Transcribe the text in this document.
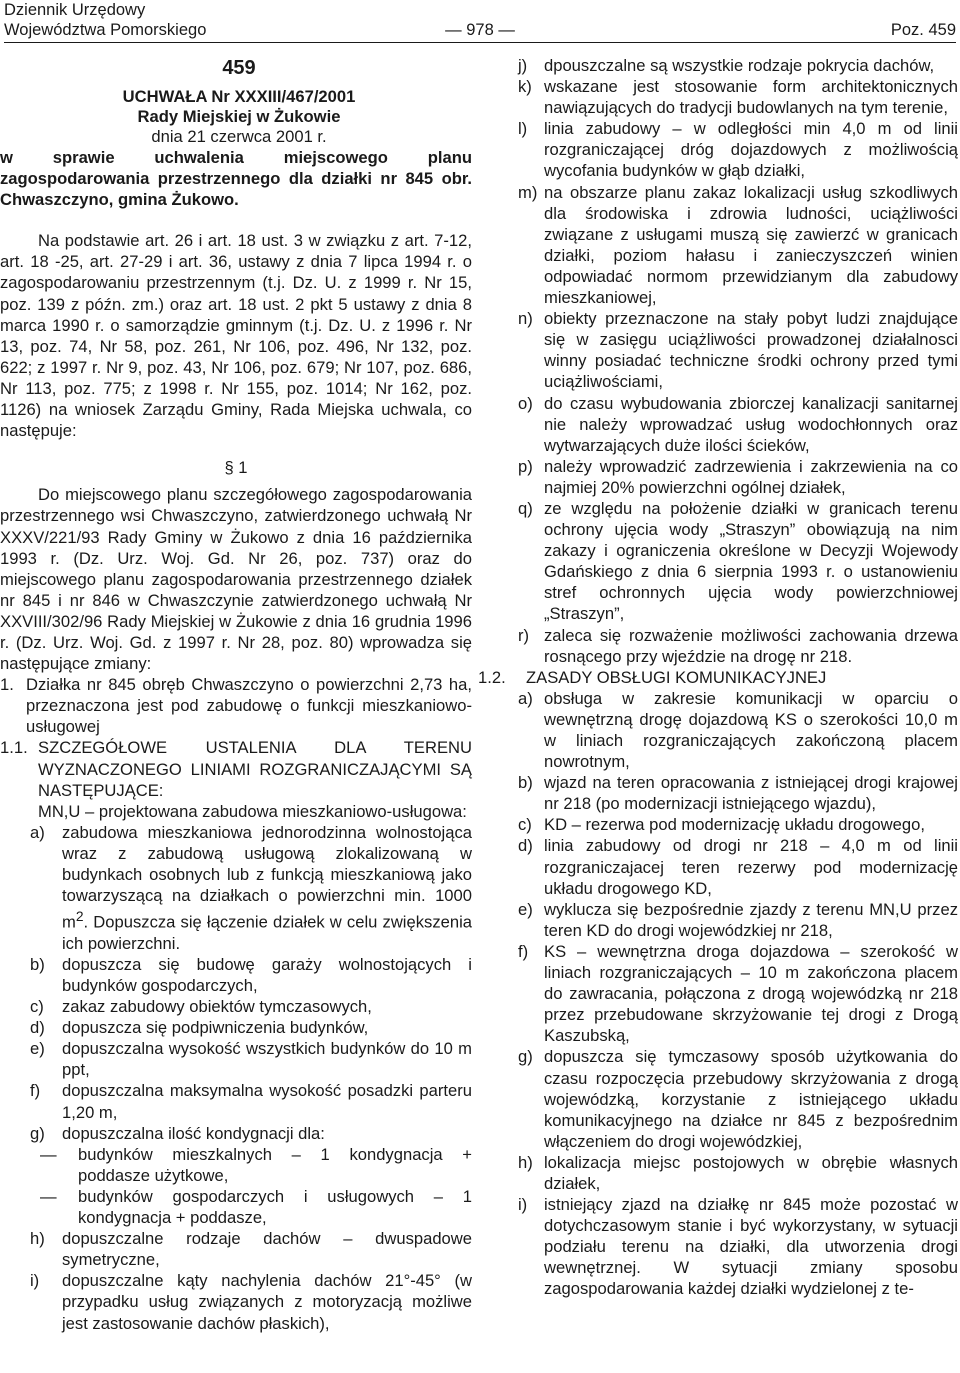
Dziennik Urzędowy
Województwa Pomorskiego	— 978 —	Poz. 459
459
UCHWAŁA Nr XXXIII/467/2001
Rady Miejskiej w Żukowie
dnia 21 czerwca 2001 r.

w sprawie uchwalenia miejscowego planu zagospodarowania przestrzennego dla działki nr 845 obr. Chwaszczyno, gmina Żukowo.

Na podstawie art. 26 i art. 18 ust. 3 w związku z art. 7-12, art. 18 -25, art. 27-29 i art. 36, ustawy z dnia 7 lipca 1994 r. o zagospodarowaniu przestrzennym (t.j. Dz. U. z 1999 r. Nr 15, poz. 139 z późn. zm.) oraz art. 18 ust. 2 pkt 5 ustawy z dnia 8 marca 1990 r. o samorządzie gminnym (t.j. Dz. U. z 1996 r. Nr 13, poz. 74, Nr 58, poz. 261, Nr 106, poz. 496, Nr 132, poz. 622; z 1997 r. Nr 9, poz. 43, Nr 106, poz. 679; Nr 107, poz. 686, Nr 113, poz. 775; z 1998 r. Nr 155, poz. 1014; Nr 162, poz. 1126) na wniosek Zarządu Gminy, Rada Miejska uchwala, co następuje:

§ 1

Do miejscowego planu szczegółowego zagospodarowania przestrzennego wsi Chwaszczyno, zatwierdzonego uchwałą Nr XXXV/221/93 Rady Gminy w Żukowo z dnia 16 października 1993 r. (Dz. Urz. Woj. Gd. Nr 26, poz. 737) oraz do miejscowego planu zagospodarowania przestrzennego działek nr 845 i nr 846 w Chwaszczynie zatwierdzonego uchwałą Nr XXVIII/302/96 Rady Miejskiej w Żukowie z dnia 16 grudnia 1996 r. (Dz. Urz. Woj. Gd. z 1997 r. Nr 28, poz. 80) wprowadza się następujące zmiany:

1. Działka nr 845 obręb Chwaszczyno o powierzchni 2,73 ha, przeznaczona jest pod zabudowę o funkcji mieszkaniowo-usługowej
1.1. SZCZEGÓŁOWE USTALENIA DLA TERENU WYZNACZONEGO LINIAMI ROZGRANICZAJĄCYMI SĄ NASTĘPUJĄCE:
MN,U – projektowana zabudowa mieszkaniowo-usługowa:
a) zabudowa mieszkaniowa jednorodzinna wolnostojąca wraz z zabudową usługową zlokalizowaną w budynkach osobnych lub z funkcją mieszkaniową jako towarzyszącą na działkach o powierzchni min. 1000 $m^2$. Dopuszcza się łączenie działek w celu zwiększenia ich powierzchni.
b) dopuszcza się budowę garaży wolnostojących i budynków gospodarczych,
c) zakaz zabudowy obiektów tymczasowych,
d) dopuszcza się podpiwniczenia budynków,
e) dopuszczalna wysokość wszystkich budynków do 10 m ppt,
f) dopuszczalna maksymalna wysokość posadzki parteru 1,20 m,
g) dopuszczalna ilość kondygnacji dla:
— budynków mieszkalnych – 1 kondygnacja + poddasze użytkowe,
— budynków gospodarczych i usługowych – 1 kondygnacja + poddasze,
h) dopuszczalne rodzaje dachów – dwuspadowe symetryczne,
i) dopuszczalne kąty nachylenia dachów 21°-45° (w przypadku usług związanych z motoryzacją możliwe jest zastosowanie dachów płaskich),
j) dpouszczalne są wszystkie rodzaje pokrycia dachów,
k) wskazane jest stosowanie form architektonicznych nawiązujących do tradycji budowlanych na tym terenie,
l) linia zabudowy – w odległości min 4,0 m od linii rozgraniczającej dróg dojazdowych z możliwością wycofania budynków w głąb działki,
m) na obszarze planu zakaz lokalizacji usług szkodliwych dla środowiska i zdrowia ludności, uciążliwości związane z usługami muszą się zawierzć w granicach działki, poziom hałasu i zanieczyszczeń winien odpowiadać normom przewidzianym dla zabudowy mieszkaniowej,
n) obiekty przeznaczone na stały pobyt ludzi znajdujące się w zasięgu uciążliwości prowadzonej działalnosci winny posiadać techniczne środki ochrony przed tymi uciążliwościami,
o) do czasu wybudowania zbiorczej kanalizacji sanitarnej nie należy wprowadzać usług wodochłonnych oraz wytwarzających duże ilości ścieków,
p) należy wprowadzić zadrzewienia i zakrzewienia na co najmiej 20% powierzchni ogólnej działek,
q) ze względu na położenie działki w granicach terenu ochrony ujęcia wody „Straszyn” obowiązują na nim zakazy i ograniczenia określone w Decyzji Wojewody Gdańskiego z dnia 6 sierpnia 1993 r. o ustanowieniu stref ochronnych ujęcia wody powierzchniowej „Straszyn”,
r) zaleca się rozważenie możliwości zachowania drzewa rosnącego przy wjeździe na drogę nr 218.
1.2. ZASADY OBSŁUGI KOMUNIKACYJNEJ
a) obsługa w zakresie komunikacji w oparciu o wewnętrzną drogę dojazdową KS o szerokości 10,0 m w liniach rozgraniczających zakończoną placem nowrotnym,
b) wjazd na teren opracowania z istniejącej drogi krajowej nr 218 (po modernizacji istniejącego wjazdu),
c) KD – rezerwa pod modernizację układu drogowego,
d) linia zabudowy od drogi nr 218 – 4,0 m od linii rozgraniczajacej teren rezerwy pod modernizację układu drogowego KD,
e) wyklucza się bezpośrednie zjazdy z terenu MN,U przez teren KD do drogi wojewódzkiej nr 218,
f) KS – wewnętrzna droga dojazdowa – szerokość w liniach rozgraniczających – 10 m zakończona placem do zawracania, połączona z drogą wojewódzką nr 218 przez przebudowane skrzyżowanie tej drogi z Drogą Kaszubską,
g) dopuszcza się tymczasowy sposób użytkowania do czasu rozpoczęcia przebudowy skrzyżowania z drogą wojewódzką, korzystanie z istniejącego układu komunikacyjnego na działce nr 845 z bezpośrednim włączeniem do drogi wojewódzkiej,
h) lokalizacja miejsc postojowych w obrębie własnych działek,
i) istniejący zjazd na działkę nr 845 może pozostać w dotychczasowym stanie i być wykorzystany, w sytuacji podziału terenu na działki, dla utworzenia drogi wewnętrznej. W sytuacji zmiany sposobu zagospodarowania każdej działki wydzielonej z te-
